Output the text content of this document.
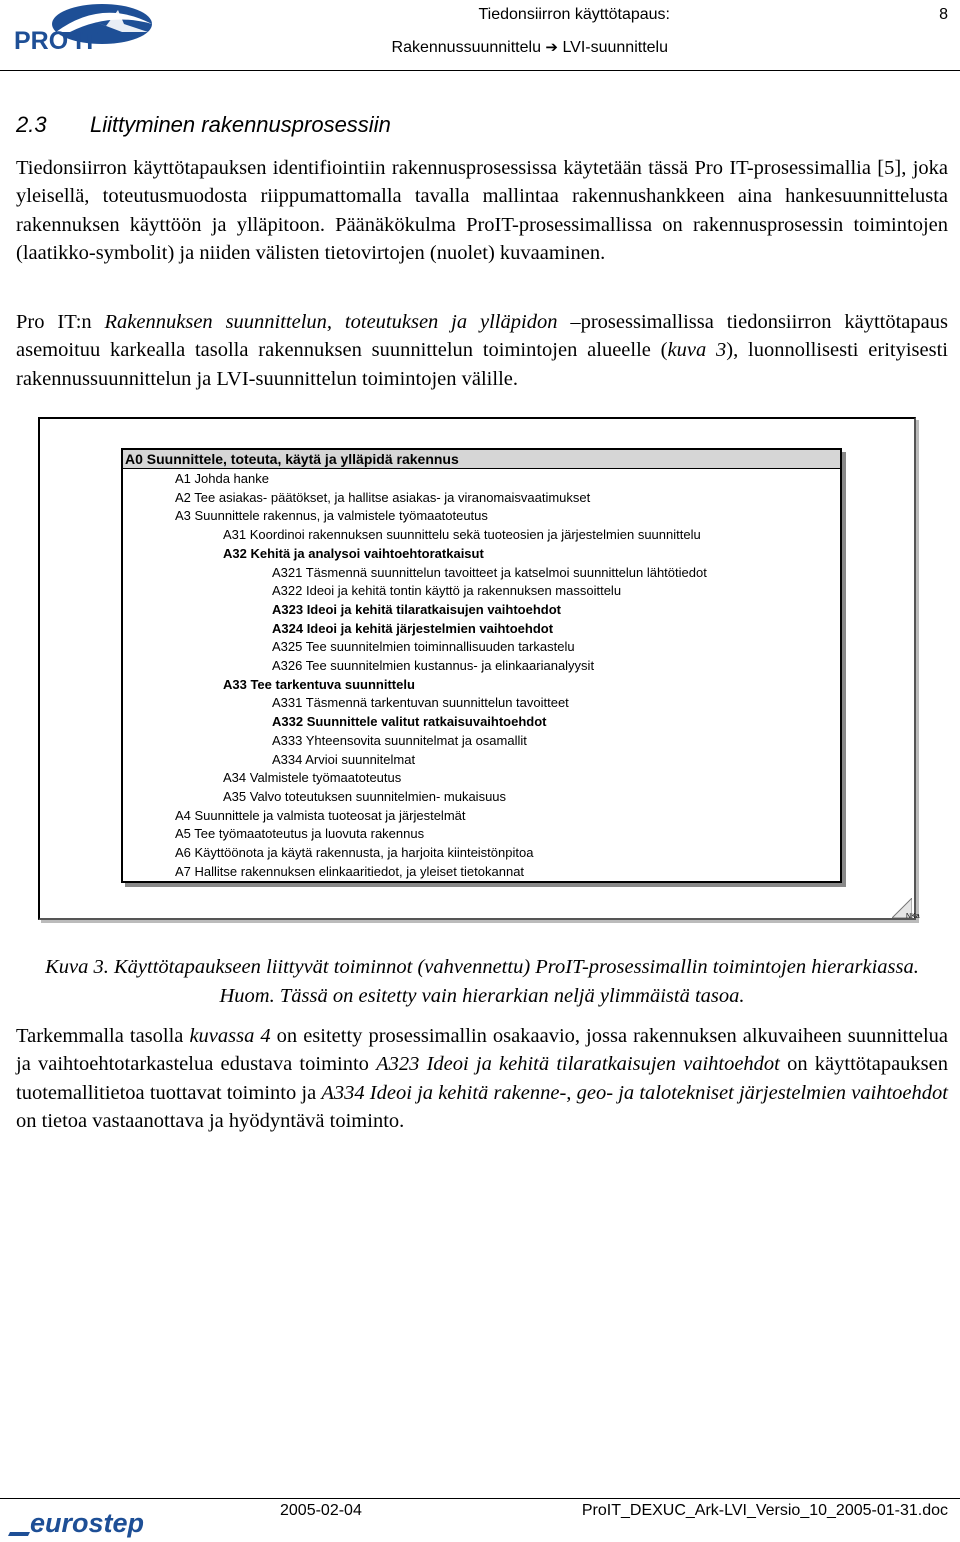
PRO IT
Tiedonsiirron käyttötapaus:	8
Rakennussuunnittelu ➔ LVI-suunnittelu
2.3 Liittyminen rakennusprosessiin
Tiedonsiirron käyttötapauksen identifiointiin rakennusprosessissa käytetään tässä Pro IT-prosessimallia [5], joka yleisellä, toteutusmuodosta riippumattomalla tavalla mallintaa rakennushankkeen aina hankesuunnittelusta rakennuksen käyttöön ja ylläpitoon. Päänäkökulma ProIT-prosessimallissa on rakennusprosessin toimintojen (laatikko-symbolit) ja niiden välisten tietovirtojen (nuolet) kuvaaminen.
Pro IT:n Rakennuksen suunnittelun, toteutuksen ja ylläpidon –prosessimallissa tiedonsiirron käyttötapaus asemoituu karkealla tasolla rakennuksen suunnittelun toimintojen alueelle (kuva 3), luonnollisesti erityisesti rakennussuunnittelun ja LVI-suunnittelun toimintojen välille.
NKa
A0 Suunnittele, toteuta, käytä ja ylläpidä rakennus
A1 Johda hanke
A2 Tee asiakas- päätökset, ja hallitse asiakas- ja viranomaisvaatimukset
A3 Suunnittele rakennus, ja valmistele työmaatoteutus
A31 Koordinoi rakennuksen suunnittelu sekä tuoteosien ja järjestelmien suunnittelu
A32 Kehitä ja analysoi vaihtoehtoratkaisut
A321 Täsmennä suunnittelun tavoitteet ja katselmoi suunnittelun lähtötiedot
A322 Ideoi ja kehitä tontin käyttö ja rakennuksen massoittelu
A323 Ideoi ja kehitä tilaratkaisujen vaihtoehdot
A324 Ideoi ja kehitä järjestelmien vaihtoehdot
A325 Tee suunnitelmien toiminnallisuuden tarkastelu
A326 Tee suunnitelmien kustannus- ja elinkaarianalyysit
A33 Tee tarkentuva suunnittelu
A331 Täsmennä tarkentuvan suunnittelun tavoitteet
A332 Suunnittele valitut ratkaisuvaihtoehdot
A333 Yhteensovita suunnitelmat ja osamallit
A334 Arvioi suunnitelmat
A34 Valmistele työmaatoteutus
A35 Valvo toteutuksen suunnitelmien- mukaisuus
A4 Suunnittele ja valmista tuoteosat ja järjestelmät
A5 Tee työmaatoteutus ja luovuta rakennus
A6 Käyttöönota ja käytä rakennusta, ja harjoita kiinteistönpitoa
A7 Hallitse rakennuksen elinkaaritiedot, ja yleiset tietokannat
Kuva 3. Käyttötapaukseen liittyvät toiminnot (vahvennettu) ProIT-prosessimallin toimintojen hierarkiassa. Huom. Tässä on esitetty vain hierarkian neljä ylimmäistä tasoa.
Tarkemmalla tasolla kuvassa 4 on esitetty prosessimallin osakaavio, jossa rakennuksen alkuvaiheen suunnittelua ja vaihtoehtotarkastelua edustava toiminto A323 Ideoi ja kehitä tilaratkaisujen vaihtoehdot on käyttötapauksen tuotemallitietoa tuottavat toiminto ja A334 Ideoi ja kehitä rakenne-, geo- ja talotekniset järjestelmien vaihtoehdot on tietoa vastaanottava ja hyödyntävä toiminto.
eurostep	2005-02-04	ProIT_DEXUC_Ark-LVI_Versio_10_2005-01-31.doc
